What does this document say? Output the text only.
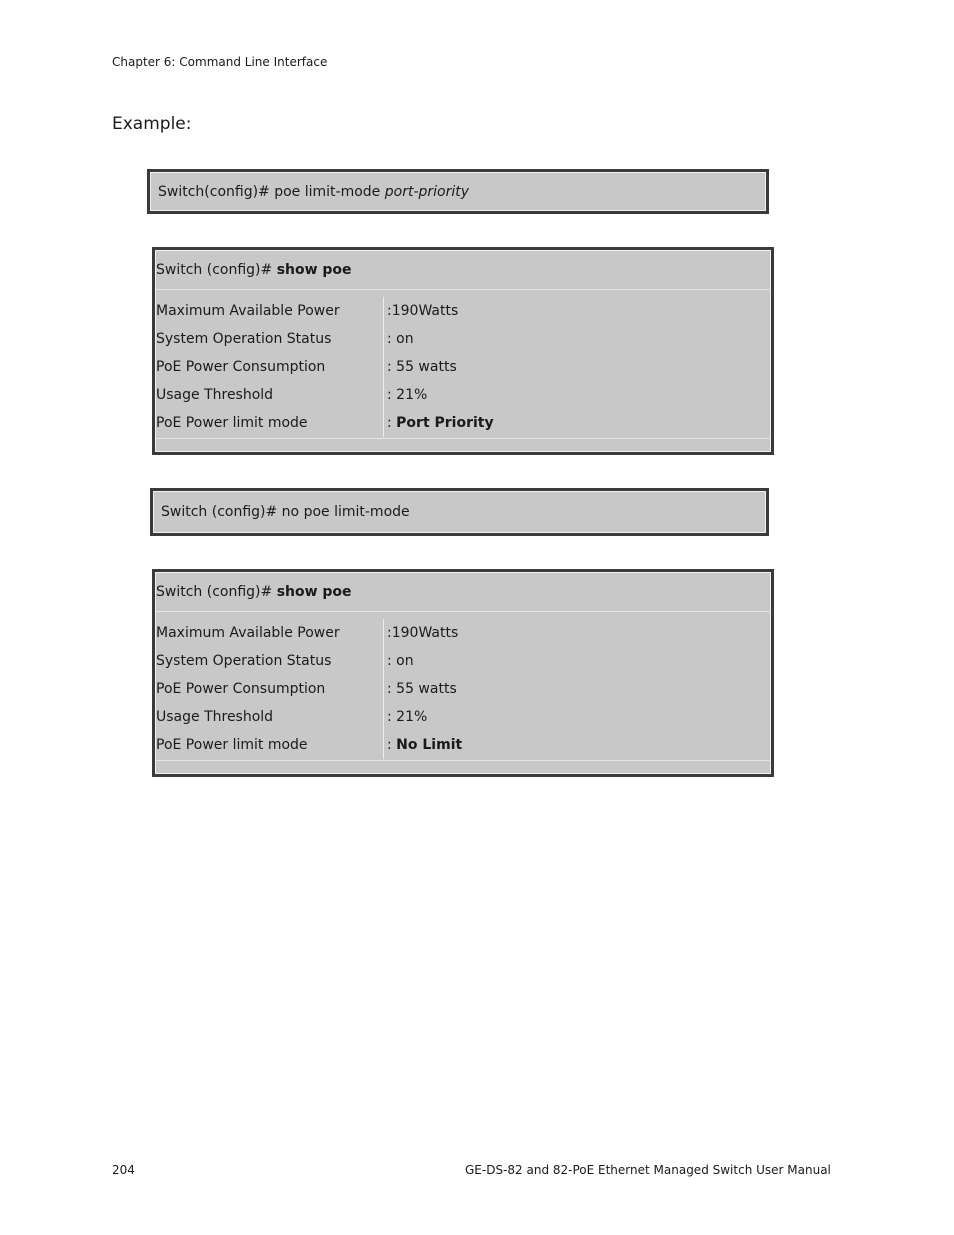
Chapter 6: Command Line Interface
Example:
Switch(config)# poe limit-mode port-priority
Switch (config)# show poe
Maximum Available Power	:190Watts
System Operation Status	: on
PoE Power Consumption	: 55 watts
Usage Threshold	: 21%
PoE Power limit mode	: Port Priority
Switch (config)# no poe limit-mode
Switch (config)# show poe
Maximum Available Power	:190Watts
System Operation Status	: on
PoE Power Consumption	: 55 watts
Usage Threshold	: 21%
PoE Power limit mode	: No Limit
204	GE-DS-82 and 82-PoE Ethernet Managed Switch User Manual
